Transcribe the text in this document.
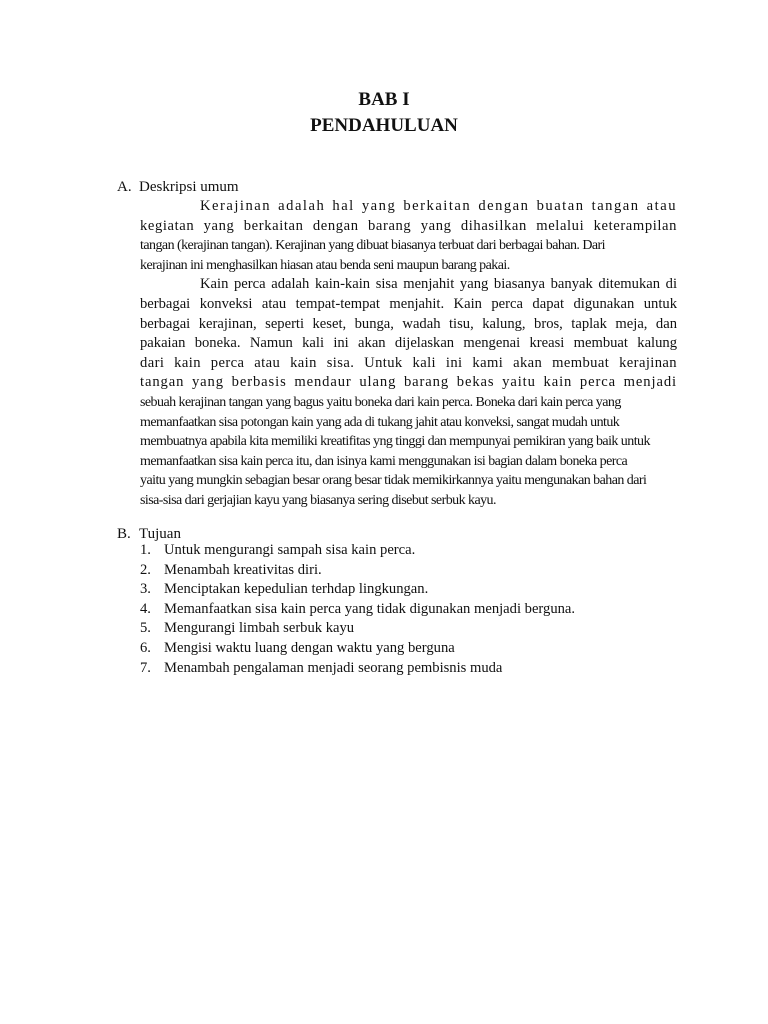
BAB I
PENDAHULUAN
A. Deskripsi umum
Kerajinan adalah hal yang berkaitan dengan buatan tangan atau
kegiatan yang berkaitan dengan barang yang dihasilkan melalui keterampilan
tangan (kerajinan tangan). Kerajinan yang dibuat biasanya terbuat dari berbagai bahan. Dari
kerajinan ini menghasilkan hiasan atau benda seni maupun barang pakai.
Kain perca adalah kain-kain sisa menjahit yang biasanya banyak ditemukan di
berbagai konveksi atau tempat-tempat menjahit. Kain perca dapat digunakan untuk
berbagai kerajinan, seperti keset, bunga, wadah tisu, kalung, bros, taplak meja, dan
pakaian boneka. Namun kali ini akan dijelaskan mengenai kreasi membuat kalung
dari kain perca atau kain sisa. Untuk kali ini kami akan membuat kerajinan
tangan yang berbasis mendaur ulang barang bekas yaitu kain perca menjadi
sebuah kerajinan tangan yang bagus yaitu boneka dari kain perca. Boneka dari kain perca yang
memanfaatkan sisa potongan kain yang ada di tukang jahit atau konveksi, sangat mudah untuk
membuatnya apabila kita memiliki kreatifitas yng tinggi dan mempunyai pemikiran yang baik untuk
memanfaatkan sisa kain perca itu, dan isinya kami menggunakan isi bagian dalam boneka perca
yaitu yang mungkin sebagian besar orang besar tidak memikirkannya yaitu mengunakan bahan dari
sisa-sisa dari gerjajian kayu yang biasanya sering disebut serbuk kayu.
B. Tujuan
1. Untuk mengurangi sampah sisa kain perca.
2. Menambah kreativitas diri.
3. Menciptakan kepedulian terhdap lingkungan.
4. Memanfaatkan sisa kain perca yang tidak digunakan menjadi berguna.
5. Mengurangi limbah serbuk kayu
6. Mengisi waktu luang dengan waktu yang berguna
7. Menambah pengalaman menjadi seorang pembisnis muda
